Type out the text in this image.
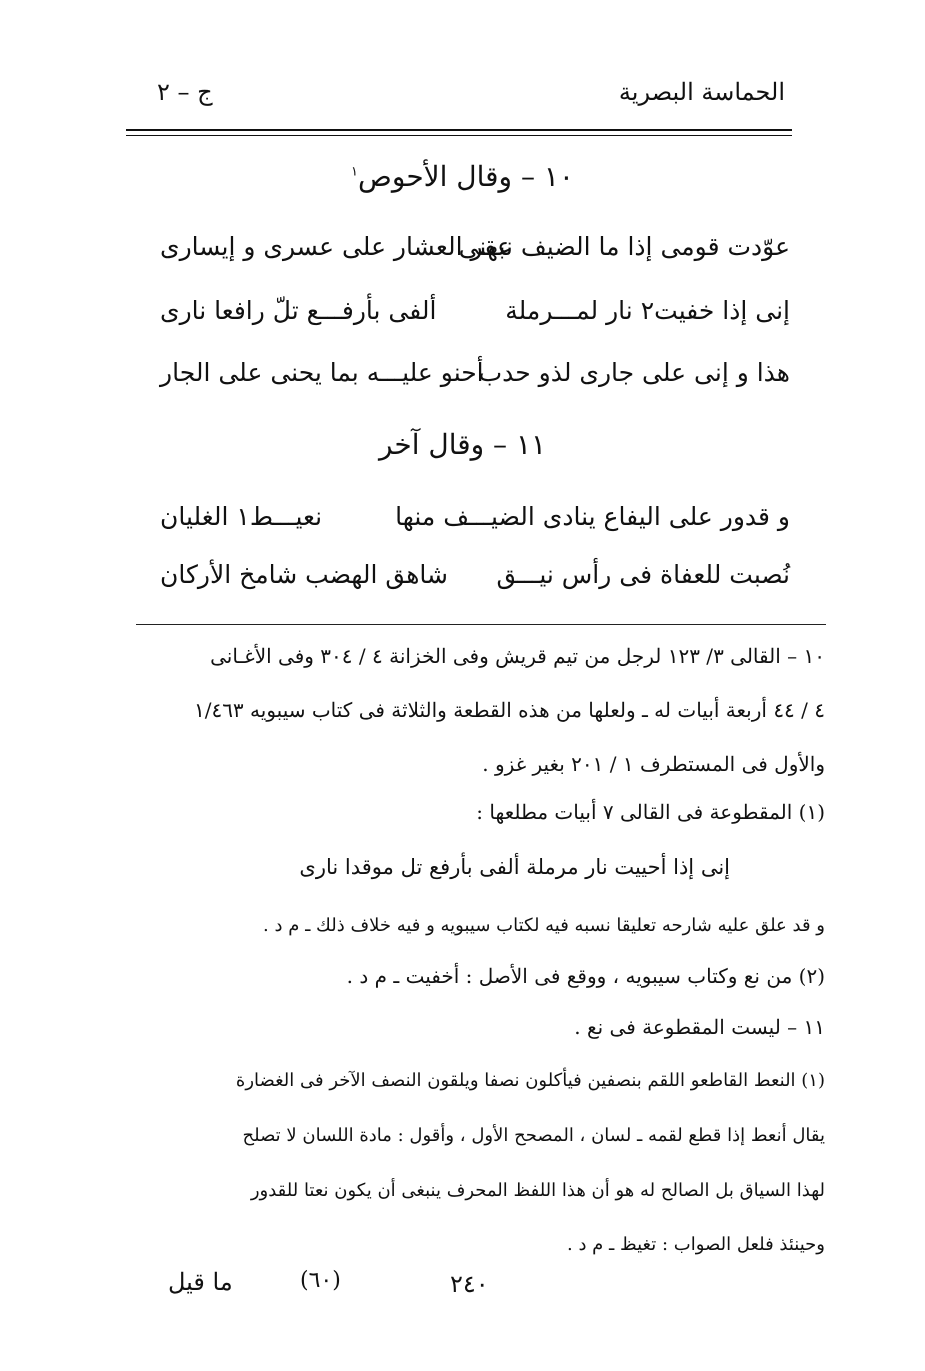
الحماسة البصرية
ج – ٢
١٠ – وقال الأحوص$^١$
عوّدت قومی إذا ما الضيف نبهنی
عقر العشار علی عسری و إيساری
إنی إذا خفيت٢ نار لمـــرملة
ألفی بأرفـــع تلّ رافعا ناری
هذا و إنی علی جاری لذو حدب
أحنو عليـــه بما يحنی علی الجار
١١ – وقال آخر
و قدور علی اليفاع ينادی الضيـــف منها
نعيـــط١ الغليان
نُصبت للعفاة فی رأس نيـــق
شاهق الهضب شامخ الأركان
١٠ – القالی ٣/ ١٢٣ لرجل من تيم قريش وفی الخزانة ٤ / ٣٠٤ وفی الأغـانی
٤ / ٤٤ أربعة أبيات له ـ ولعلها من هذه القطعة والثلاثة فی كتاب سيبويه ١/٤٦٣
والأول فی المستطرف ١ / ٢٠١ بغير غزو .
(١) المقطوعة فی القالی ٧ أبيات مطلعها :
إنی إذا أحييت نار مرملة ألفی بأرفع تل موقدا ناری
و قد علق عليه شارحه تعليقا نسبه فيه لكتاب سيبويه و فيه خلاف ذلك ـ م د .
(٢) من نع وكتاب سيبويه ، ووقع فی الأصل : أخفيت ـ م د .
١١ – ليست المقطوعة فی نع .
(١) النعط القاطعو اللقم بنصفين فيأكلون نصفا ويلقون النصف الآخر فی الغضارة
يقال أنعط إذا قطع لقمه ـ لسان ، المصحح الأول ، وأقول : مادة اللسان لا تصلح
لهذا السياق بل الصالح له هو أن هذا اللفظ المحرف ينبغی أن يكون نعتا للقدور
وحينئذ فلعل الصواب : تغيظ ـ م د .
٢٤٠
(٦٠)
ما قيل
